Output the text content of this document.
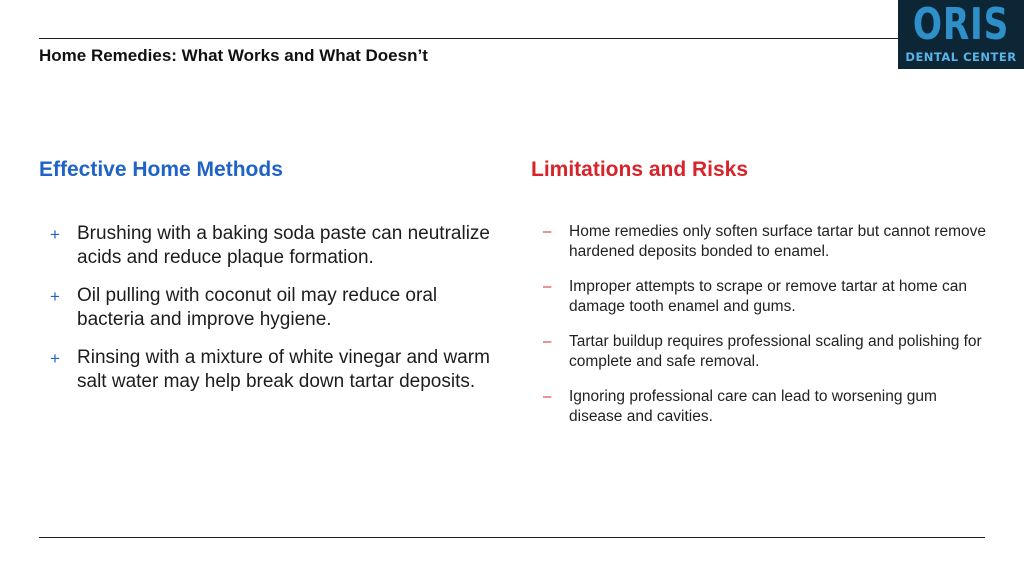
Home Remedies: What Works and What Doesn’t
ORIS
DENTAL CENTER
Effective Home Methods	Limitations and Risks
+ Brushing with a baking soda paste can neutralize acids and reduce plaque formation.
+ Oil pulling with coconut oil may reduce oral bacteria and improve hygiene.
+ Rinsing with a mixture of white vinegar and warm salt water may help break down tartar deposits.
–	Home remedies only soften surface tartar but cannot remove hardened deposits bonded to enamel.
–	Improper attempts to scrape or remove tartar at home can damage tooth enamel and gums.
–	Tartar buildup requires professional scaling and polishing for complete and safe removal.
–	Ignoring professional care can lead to worsening gum disease and cavities.
